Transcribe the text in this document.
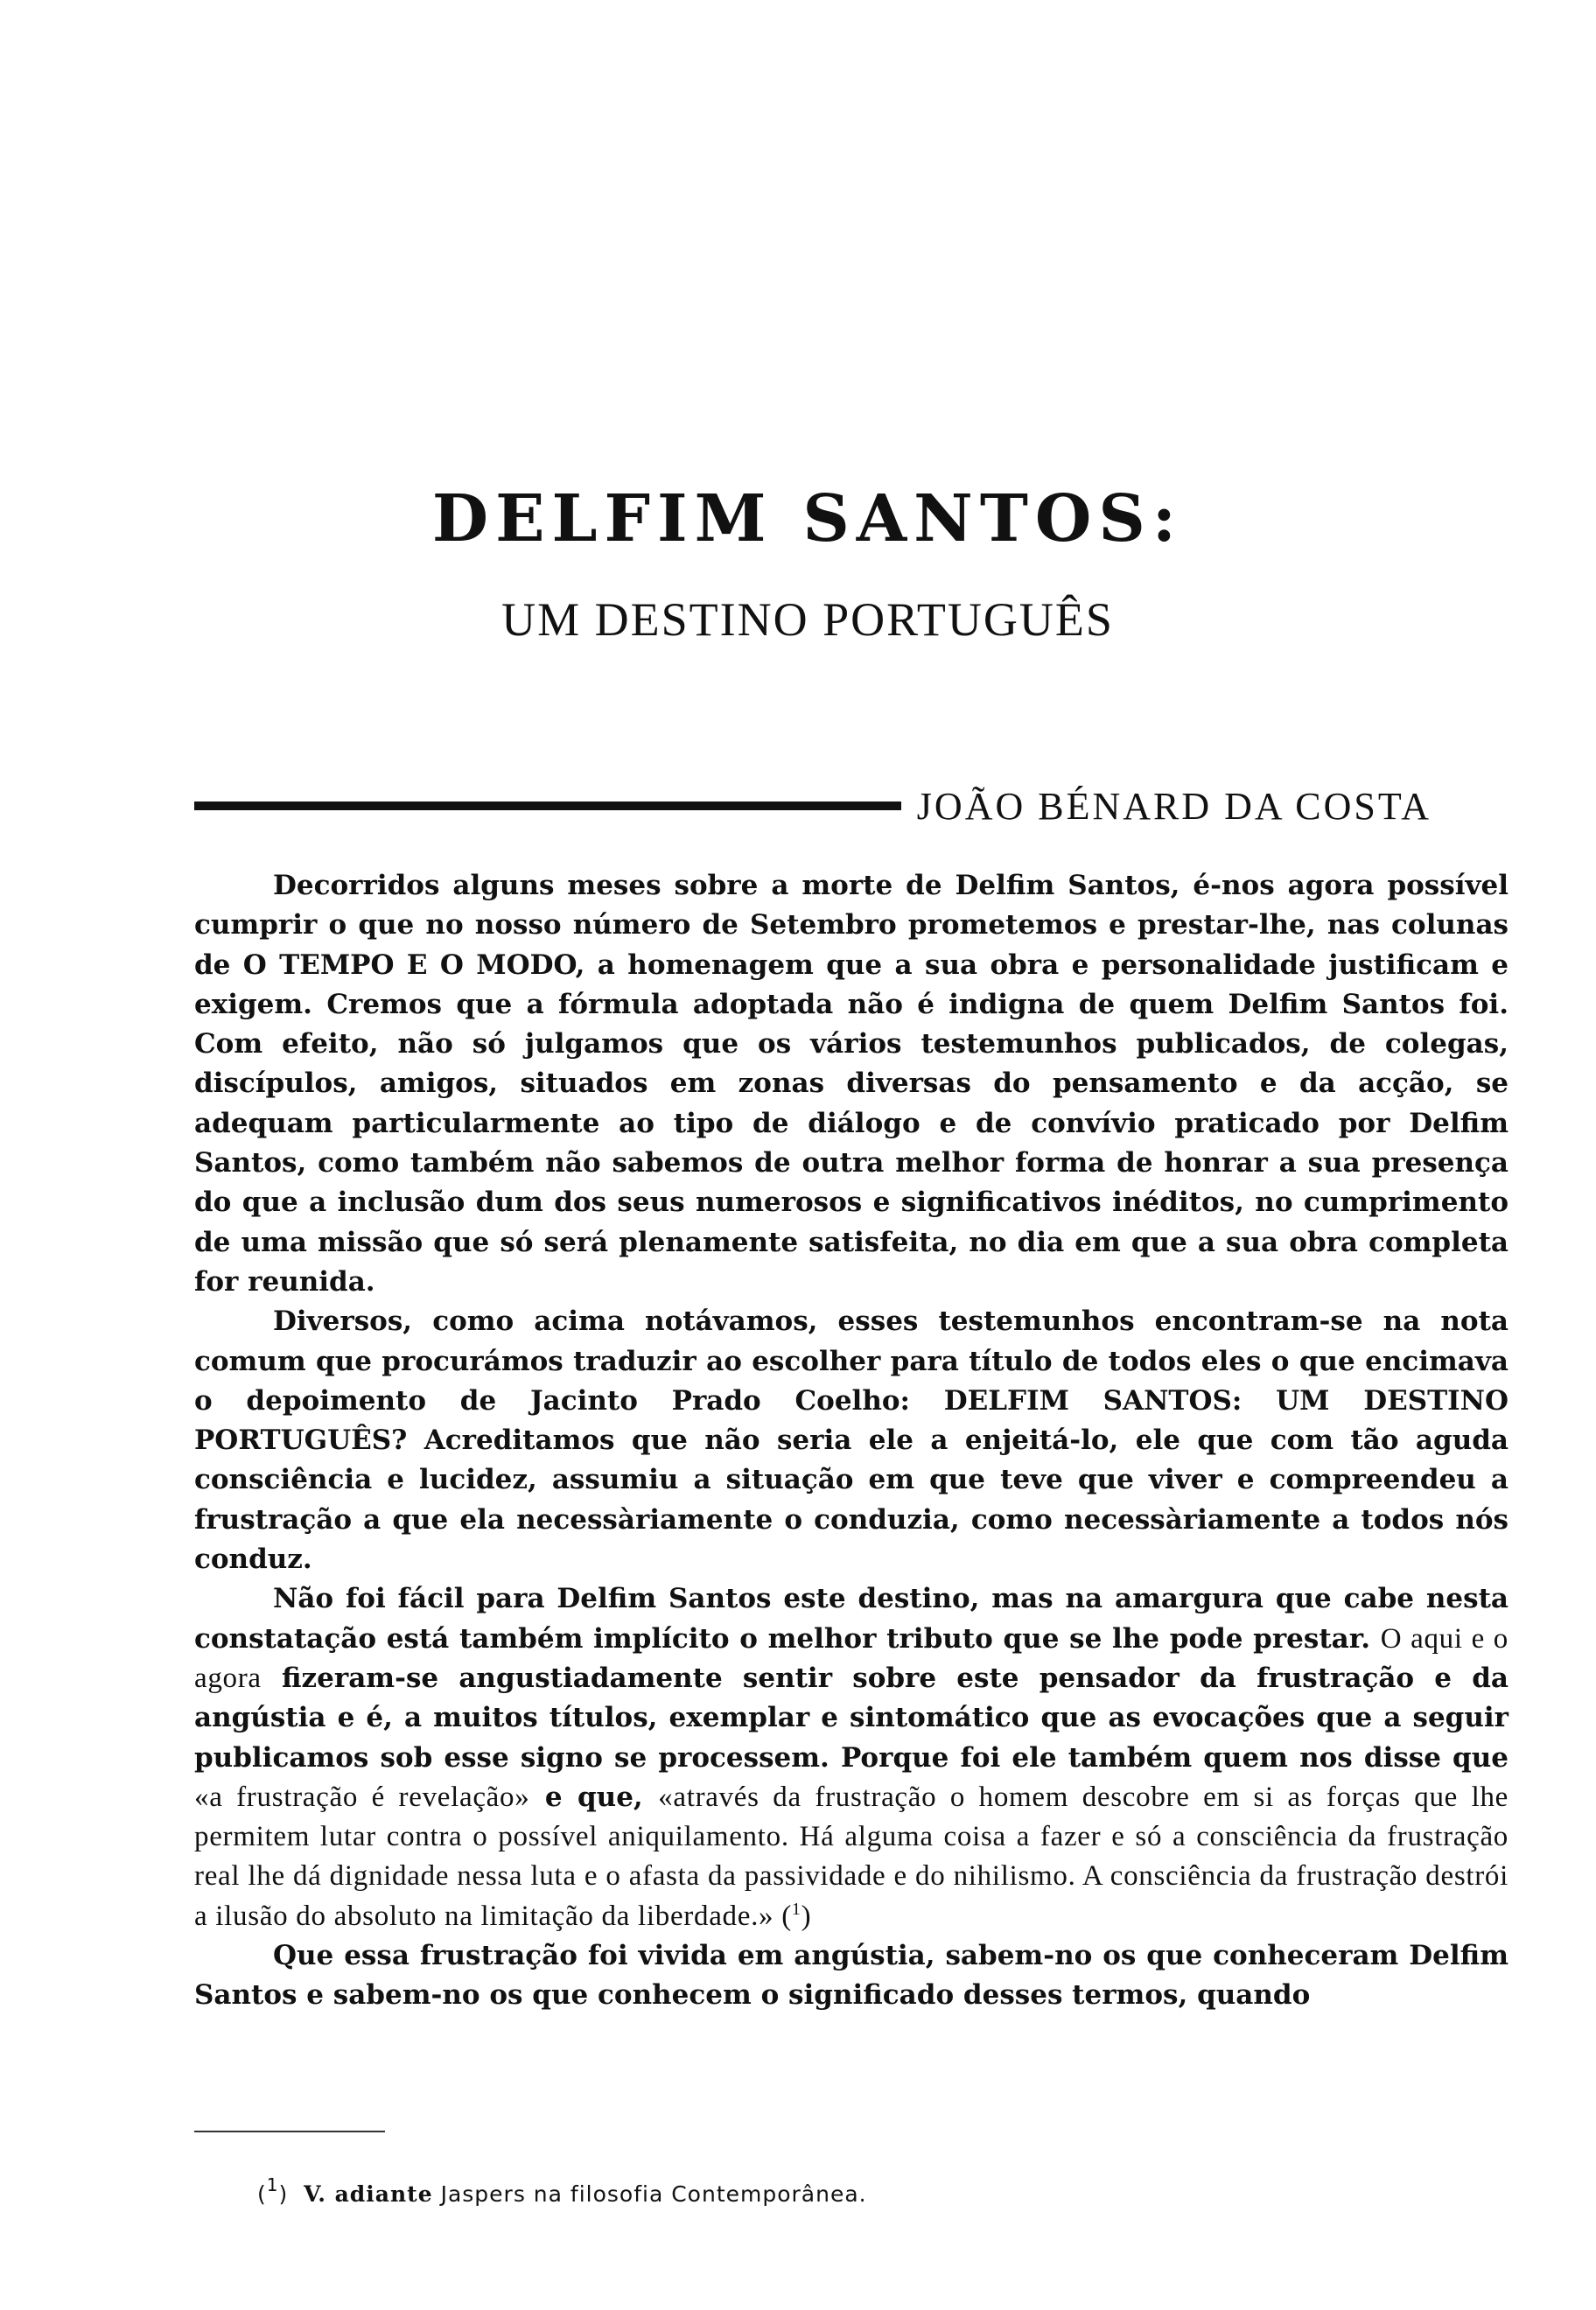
DELFIM SANTOS:
UM DESTINO PORTUGUÊS

JOÃO BÉNARD DA COSTA

Decorridos alguns meses sobre a morte de Delfim Santos, é-nos agora possível cumprir o que no nosso número de Setembro prometemos e prestar-lhe, nas colunas de O TEMPO E O MODO, a homenagem que a sua obra e personalidade justificam e exigem. Cremos que a fórmula adoptada não é indigna de quem Delfim Santos foi. Com efeito, não só julgamos que os vários testemunhos publicados, de colegas, discípulos, amigos, situados em zonas diversas do pensamento e da acção, se adequam particularmente ao tipo de diálogo e de convívio praticado por Delfim Santos, como também não sabemos de outra melhor forma de honrar a sua presença do que a inclusão dum dos seus numerosos e significativos inéditos, no cumprimento de uma missão que só será plenamente satisfeita, no dia em que a sua obra completa for reunida.

Diversos, como acima notávamos, esses testemunhos encontram-se na nota comum que procurámos traduzir ao escolher para título de todos eles o que encimava o depoimento de Jacinto Prado Coelho: DELFIM SANTOS: UM DESTINO PORTUGUÊS? Acreditamos que não seria ele a enjeitá-lo, ele que com tão aguda consciência e lucidez, assumiu a situação em que teve que viver e compreendeu a frustração a que ela necessàriamente o conduzia, como necessàriamente a todos nós conduz.

Não foi fácil para Delfim Santos este destino, mas na amargura que cabe nesta constatação está também implícito o melhor tributo que se lhe pode prestar. O aqui e o agora fizeram-se angustiadamente sentir sobre este pensador da frustração e da angústia e é, a muitos títulos, exemplar e sintomático que as evocações que a seguir publicamos sob esse signo se processem. Porque foi ele também quem nos disse que «a frustração é revelação» e que, «através da frustração o homem descobre em si as forças que lhe permitem lutar contra o possível aniquilamento. Há alguma coisa a fazer e só a consciência da frustração real lhe dá dignidade nessa luta e o afasta da passividade e do nihilismo. A consciência da frustração destrói a ilusão do absoluto na limitação da liberdade.» ($^1$)

Que essa frustração foi vivida em angústia, sabem-no os que conheceram Delfim Santos e sabem-no os que conhecem o significado desses termos, quando

($^1$) V. adiante Jaspers na filosofia Contemporânea.
